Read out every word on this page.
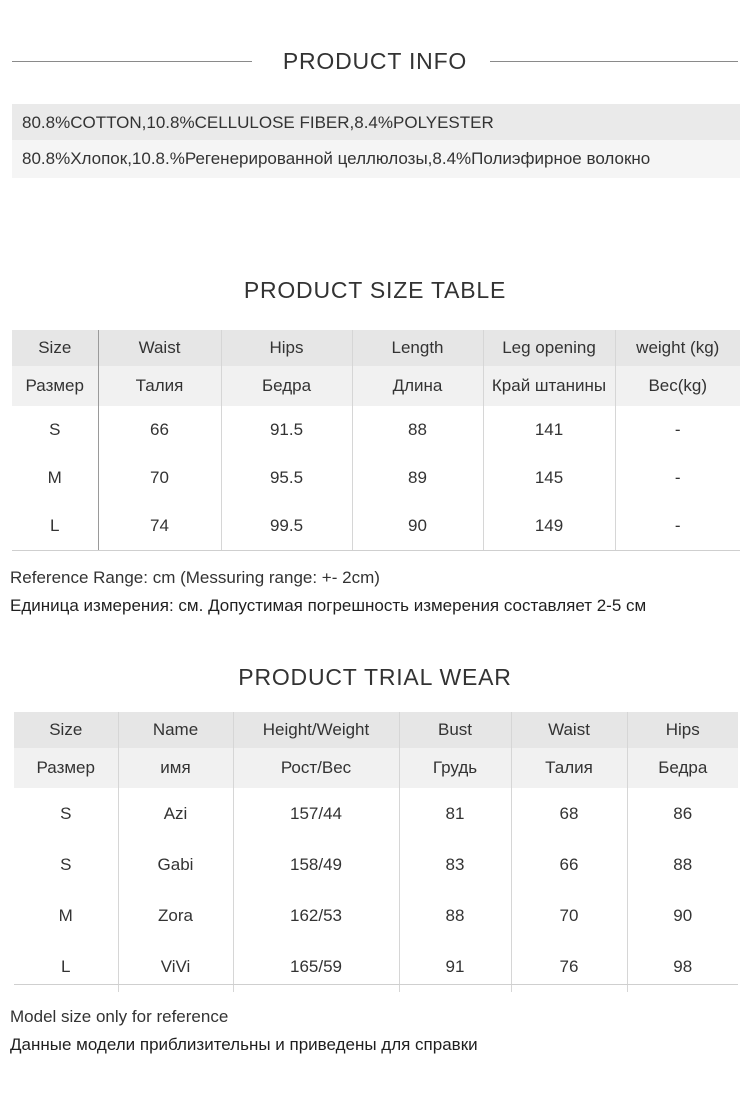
PRODUCT INFO
80.8%COTTON,10.8%CELLULOSE FIBER,8.4%POLYESTER
80.8%Хлопок,10.8.%Регенерированной целлюлозы,8.4%Полиэфирное волокно
PRODUCT SIZE TABLE
Size	Waist	Hips	Length	Leg opening	weight (kg)
Размер	Талия	Бедра	Длина	Край штанины	Вес(kg)
S	66	91.5	88	141	-
M	70	95.5	89	145	-
L	74	99.5	90	149	-
Reference Range: cm (Messuring range: +- 2cm)
Единица измерения: см. Допустимая погрешность измерения составляет 2-5 см
PRODUCT TRIAL WEAR
Size	Name	Height/Weight	Bust	Waist	Hips
Размер	имя	Рост/Вес	Грудь	Талия	Бедра
S	Azi	157/44	81	68	86
S	Gabi	158/49	83	66	88
M	Zora	162/53	88	70	90
L	ViVi	165/59	91	76	98
Model size only for reference
Данные модели приблизительны и приведены для справки
